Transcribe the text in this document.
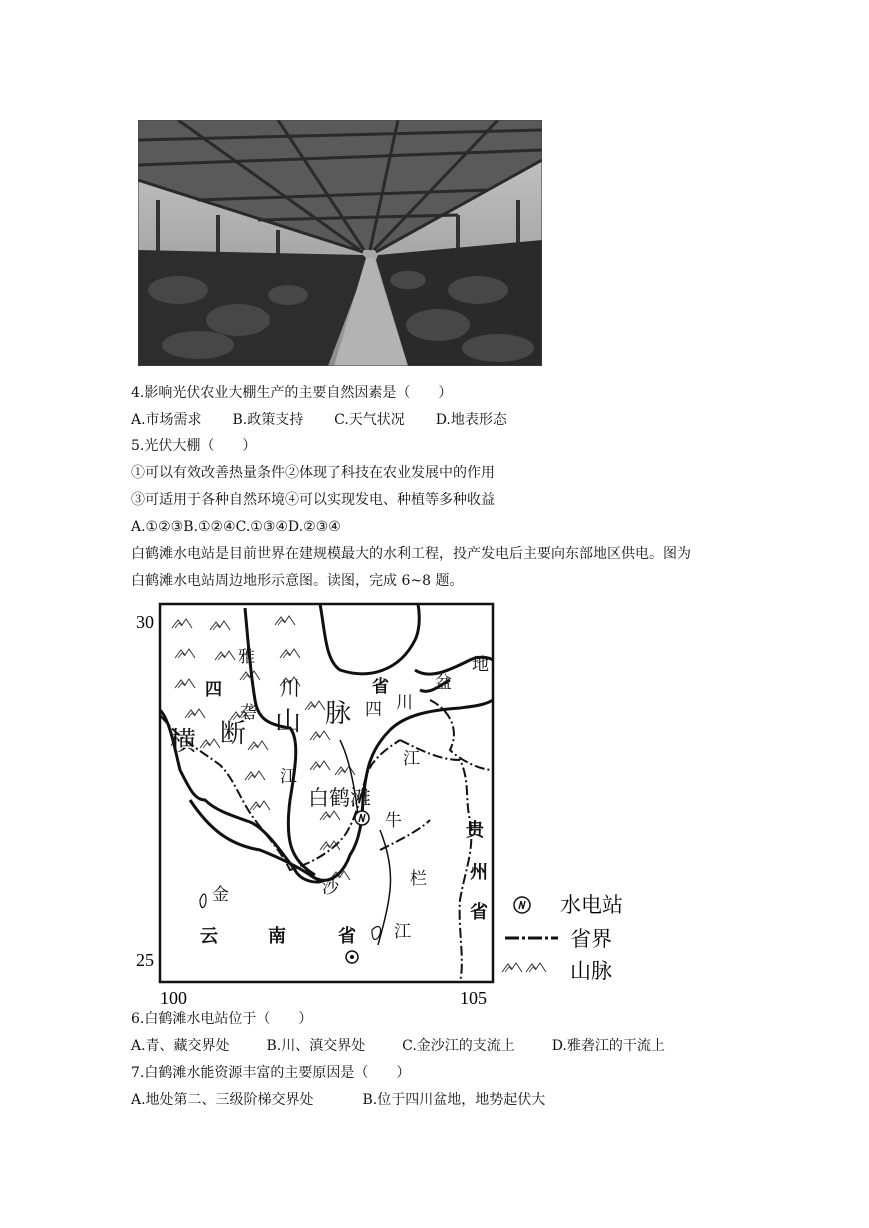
4.影响光伏农业大棚生产的主要自然因素是（　　）
A.市场需求 B.政策支持 C.天气状况 D.地表形态
5.光伏大棚（　　）
①可以有效改善热量条件②体现了科技在农业发展中的作用
③可适用于各种自然环境④可以实现发电、种植等多种收益
A.①②③B.①②④C.①③④D.②③④
白鹤滩水电站是目前世界在建规模最大的水利工程，投产发电后主要向东部地区供电。图为
白鹤滩水电站周边地形示意图。读图，完成 6~8 题。
30
25
100	105
雅
四	川	省
四 川
盆
地
砻 山 脉
横 断
江
江
白鹤滩
牛
栏
江
贵
州
省
金	沙
云	南	省
水电站
省界
山脉
6.白鹤滩水电站位于（　　）
A.青、藏交界处	B.川、滇交界处	C.金沙江的支流上	D.雅砻江的干流上
7.白鹤滩水能资源丰富的主要原因是（　　）
A.地处第二、三级阶梯交界处	B.位于四川盆地，地势起伏大
